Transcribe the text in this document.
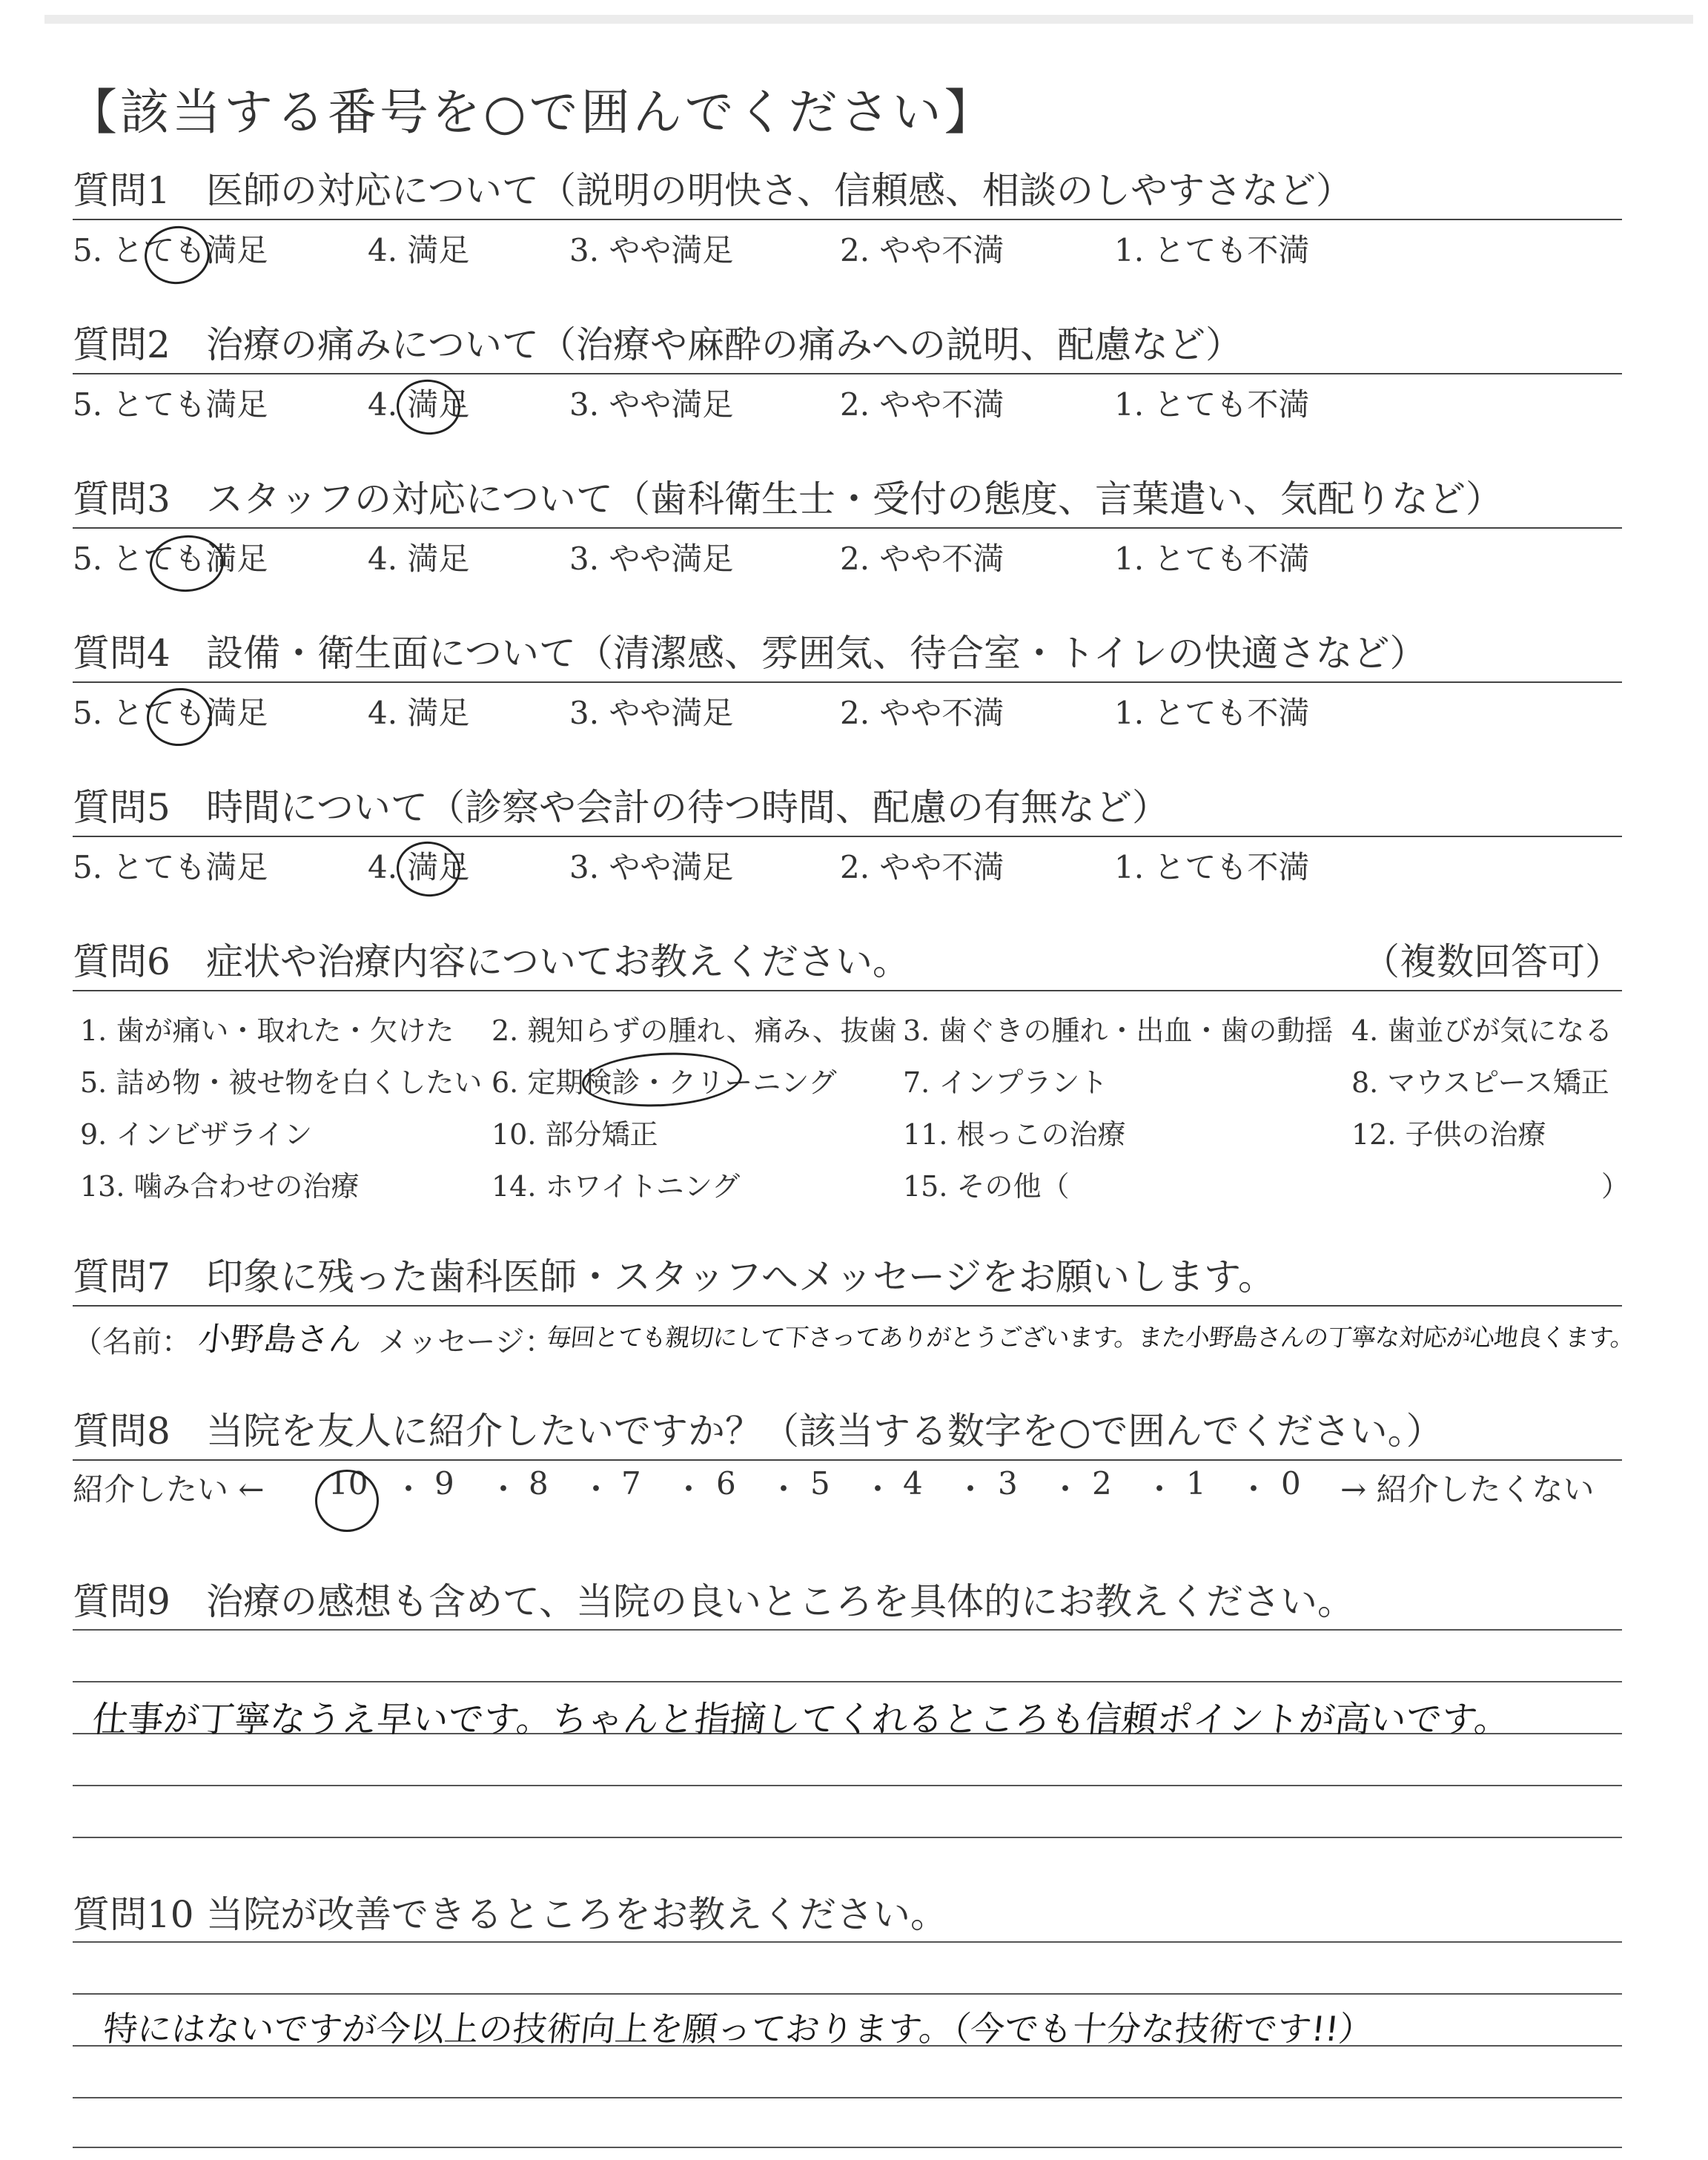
【該当する番号を○で囲んでください】
質問1 医師の対応について（説明の明快さ、信頼感、相談のしやすさなど）
5. とても満足	4. 満足	3. やや満足	2. やや不満	1. とても不満
質問2 治療の痛みについて（治療や麻酔の痛みへの説明、配慮など）
5. とても満足	4. 満足	3. やや満足	2. やや不満	1. とても不満
質問3 スタッフの対応について（歯科衛生士・受付の態度、言葉遣い、気配りなど）
5. とても満足	4. 満足	3. やや満足	2. やや不満	1. とても不満
質問4 設備・衛生面について（清潔感、雰囲気、待合室・トイレの快適さなど）
5. とても満足	4. 満足	3. やや満足	2. やや不満	1. とても不満
質問5 時間について（診察や会計の待つ時間、配慮の有無など）
5. とても満足	4. 満足	3. やや満足	2. やや不満	1. とても不満
質問6 症状や治療内容についてお教えください。	（複数回答可）
1. 歯が痛い・取れた・欠けた 2. 親知らずの腫れ、痛み、抜歯 3. 歯ぐきの腫れ・出血・歯の動揺 4. 歯並びが気になる
5. 詰め物・被せ物を白くしたい 6. 定期検診・クリーニング 7. インプラント	8. マウスピース矯正
9. インビザライン	10. 部分矯正	11. 根っこの治療	12. 子供の治療
13. 噛み合わせの治療	14. ホワイトニング	15. その他（	）
質問7 印象に残った歯科医師・スタッフへメッセージをお願いします。
（名前： 小野島さん メッセージ：
毎回とても親切にして下さってありがとうございます。また小野島さんの丁寧な対応が心地良くます。
質問8 当院を友人に紹介したいですか？（該当する数字を○で囲んでください。）
紹介したい ← 10 ・ 9 ・ 8 ・ 7 ・ 6 ・ 5 ・ 4 ・ 3 ・ 2 ・ 1 ・ 0 → 紹介したくない
質問9 治療の感想も含めて、当院の良いところを具体的にお教えください。
仕事が丁寧なうえ早いです。ちゃんと指摘してくれるところも信頼ポイントが高いです。
質問10 当院が改善できるところをお教えください。
特にはないですが今以上の技術向上を願っております。（今でも十分な技術です!!）
